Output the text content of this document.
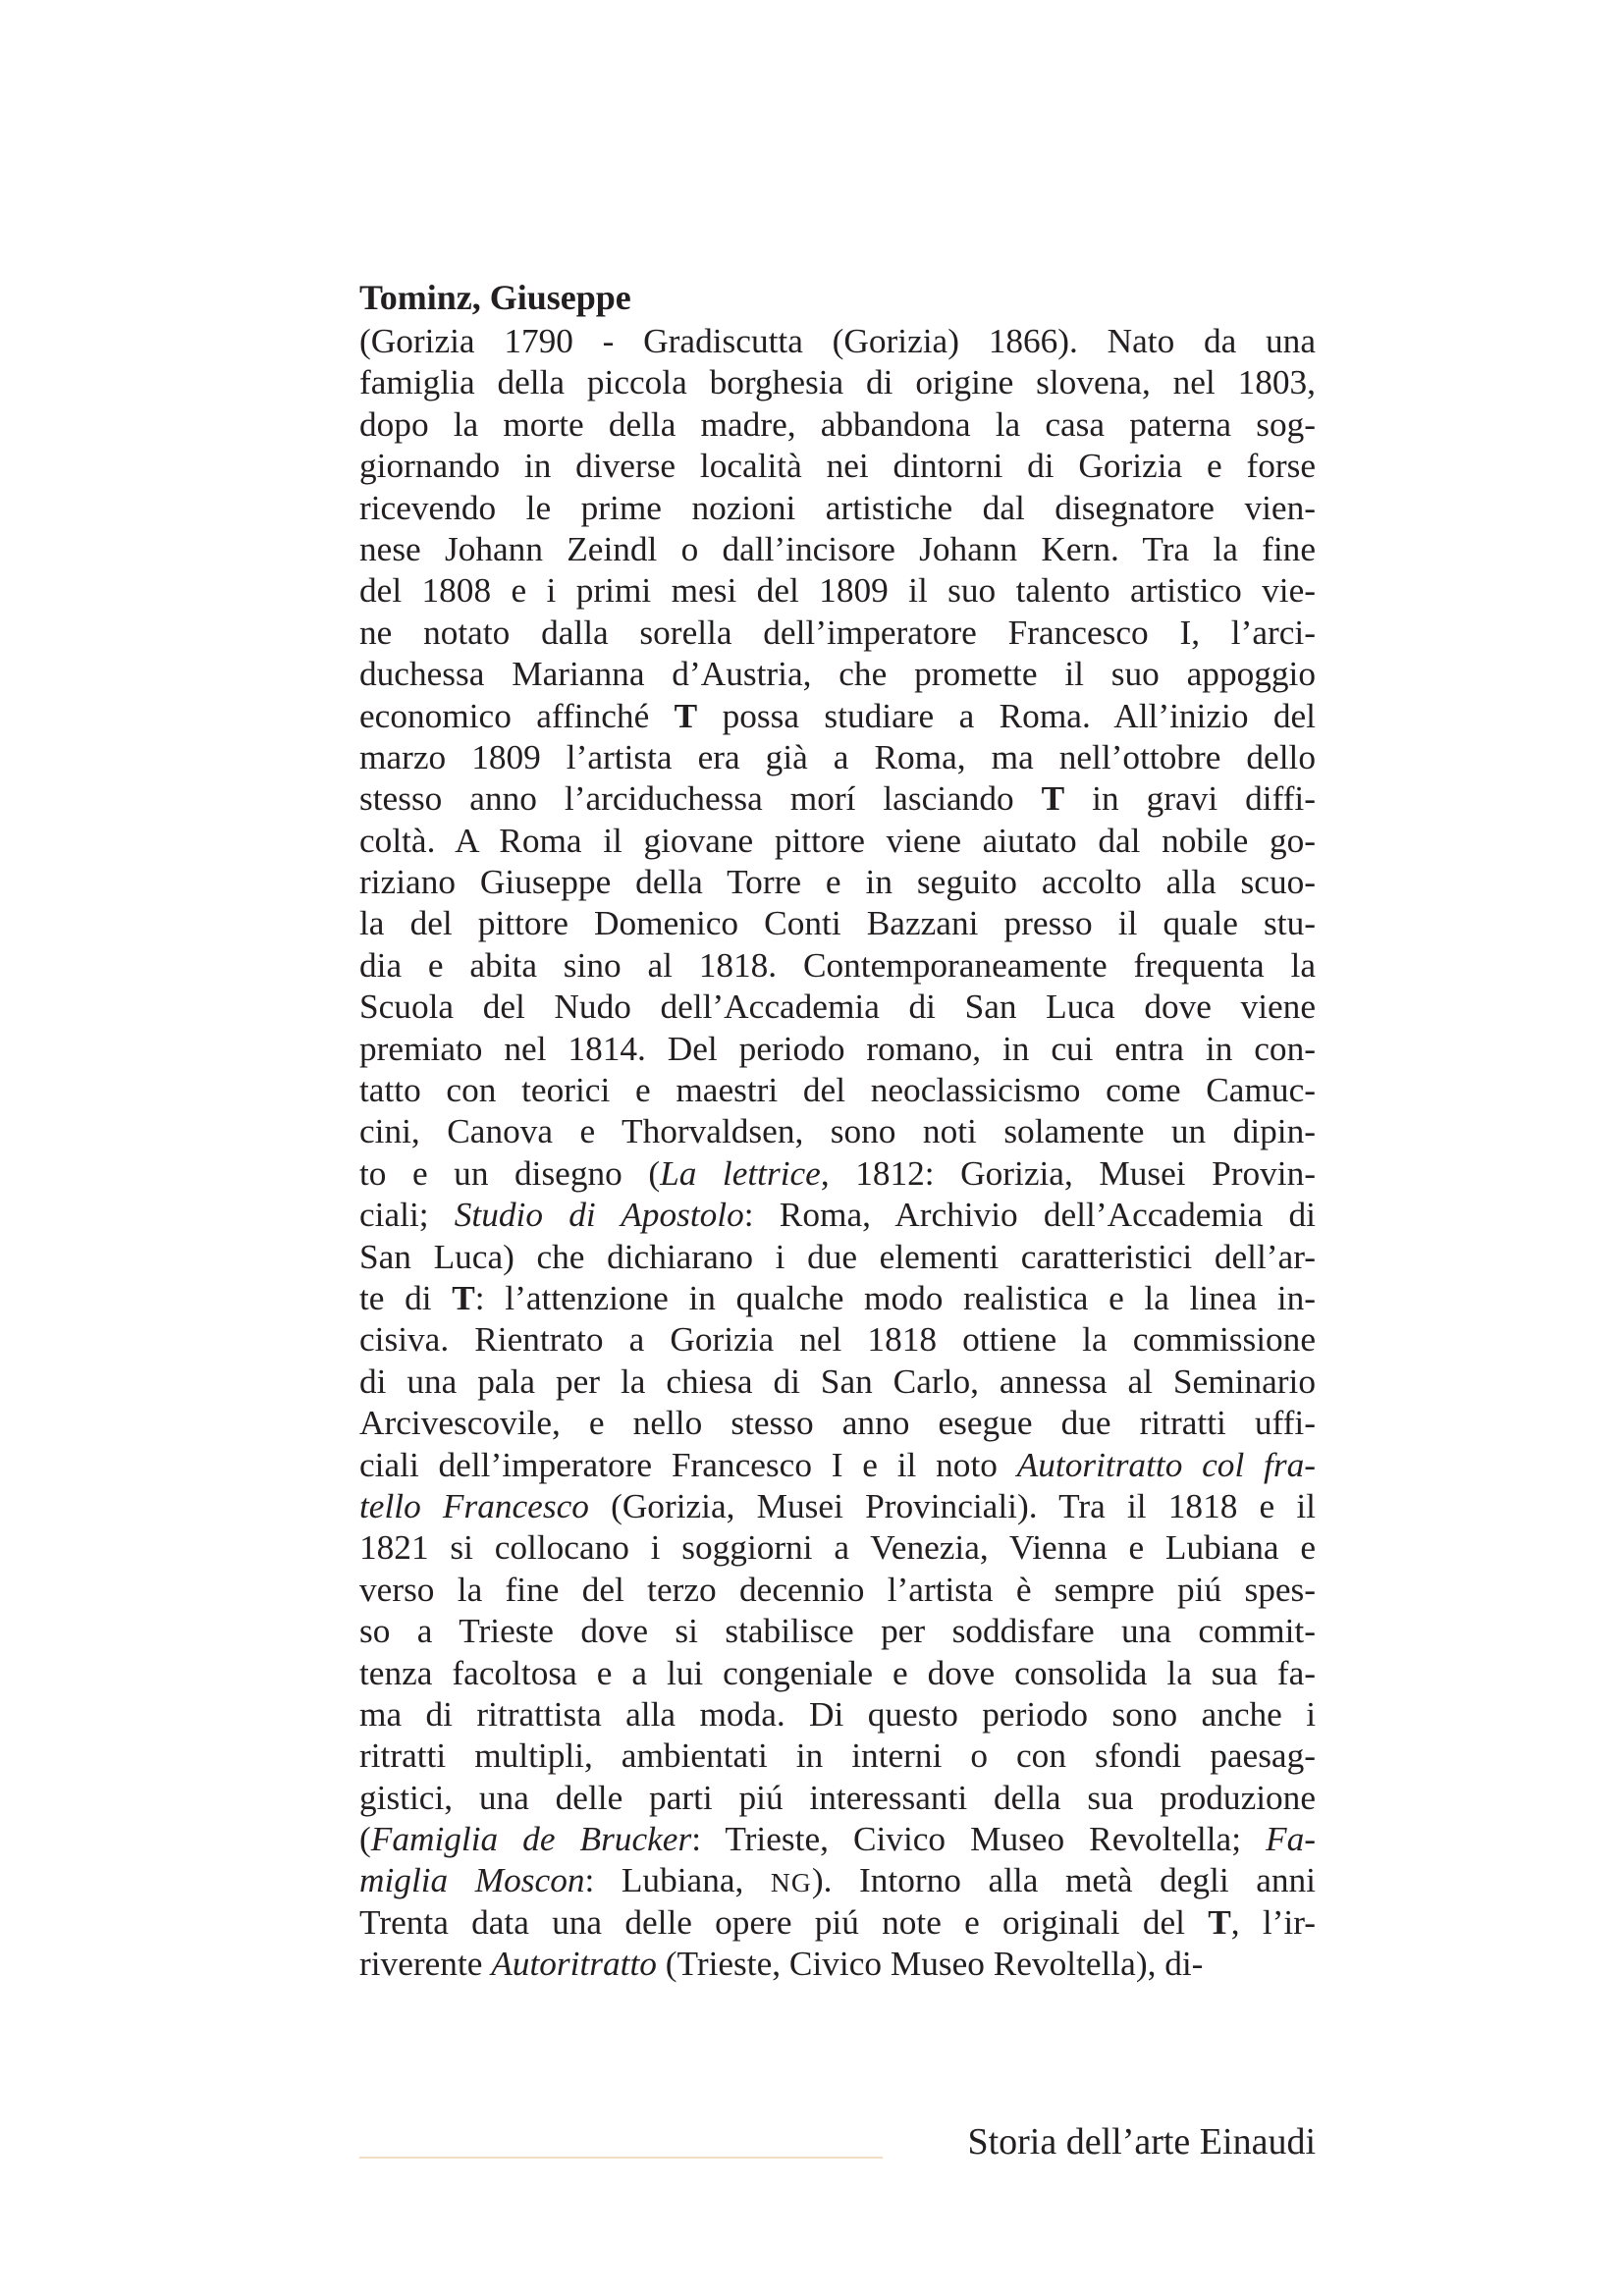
Tominz, Giuseppe
(Gorizia 1790 - Gradiscutta (Gorizia) 1866). Nato da una
famiglia della piccola borghesia di origine slovena, nel 1803,
dopo la morte della madre, abbandona la casa paterna sog-
giornando in diverse località nei dintorni di Gorizia e forse
ricevendo le prime nozioni artistiche dal disegnatore vien-
nese Johann Zeindl o dall’incisore Johann Kern. Tra la fine
del 1808 e i primi mesi del 1809 il suo talento artistico vie-
ne notato dalla sorella dell’imperatore Francesco I, l’arci-
duchessa Marianna d’Austria, che promette il suo appoggio
economico affinché T possa studiare a Roma. All’inizio del
marzo 1809 l’artista era già a Roma, ma nell’ottobre dello
stesso anno l’arciduchessa morí lasciando T in gravi diffi-
coltà. A Roma il giovane pittore viene aiutato dal nobile go-
riziano Giuseppe della Torre e in seguito accolto alla scuo-
la del pittore Domenico Conti Bazzani presso il quale stu-
dia e abita sino al 1818. Contemporaneamente frequenta la
Scuola del Nudo dell’Accademia di San Luca dove viene
premiato nel 1814. Del periodo romano, in cui entra in con-
tatto con teorici e maestri del neoclassicismo come Camuc-
cini, Canova e Thorvaldsen, sono noti solamente un dipin-
to e un disegno (La lettrice, 1812: Gorizia, Musei Provin-
ciali; Studio di Apostolo: Roma, Archivio dell’Accademia di
San Luca) che dichiarano i due elementi caratteristici dell’ar-
te di T: l’attenzione in qualche modo realistica e la linea in-
cisiva. Rientrato a Gorizia nel 1818 ottiene la commissione
di una pala per la chiesa di San Carlo, annessa al Seminario
Arcivescovile, e nello stesso anno esegue due ritratti uffi-
ciali dell’imperatore Francesco I e il noto Autoritratto col fra-
tello Francesco (Gorizia, Musei Provinciali). Tra il 1818 e il
1821 si collocano i soggiorni a Venezia, Vienna e Lubiana e
verso la fine del terzo decennio l’artista è sempre piú spes-
so a Trieste dove si stabilisce per soddisfare una commit-
tenza facoltosa e a lui congeniale e dove consolida la sua fa-
ma di ritrattista alla moda. Di questo periodo sono anche i
ritratti multipli, ambientati in interni o con sfondi paesag-
gistici, una delle parti piú interessanti della sua produzione
(Famiglia de Brucker: Trieste, Civico Museo Revoltella; Fa-
miglia Moscon: Lubiana, NG). Intorno alla metà degli anni
Trenta data una delle opere piú note e originali del T, l’ir-
riverente Autoritratto (Trieste, Civico Museo Revoltella), di-
Storia dell’arte Einaudi
